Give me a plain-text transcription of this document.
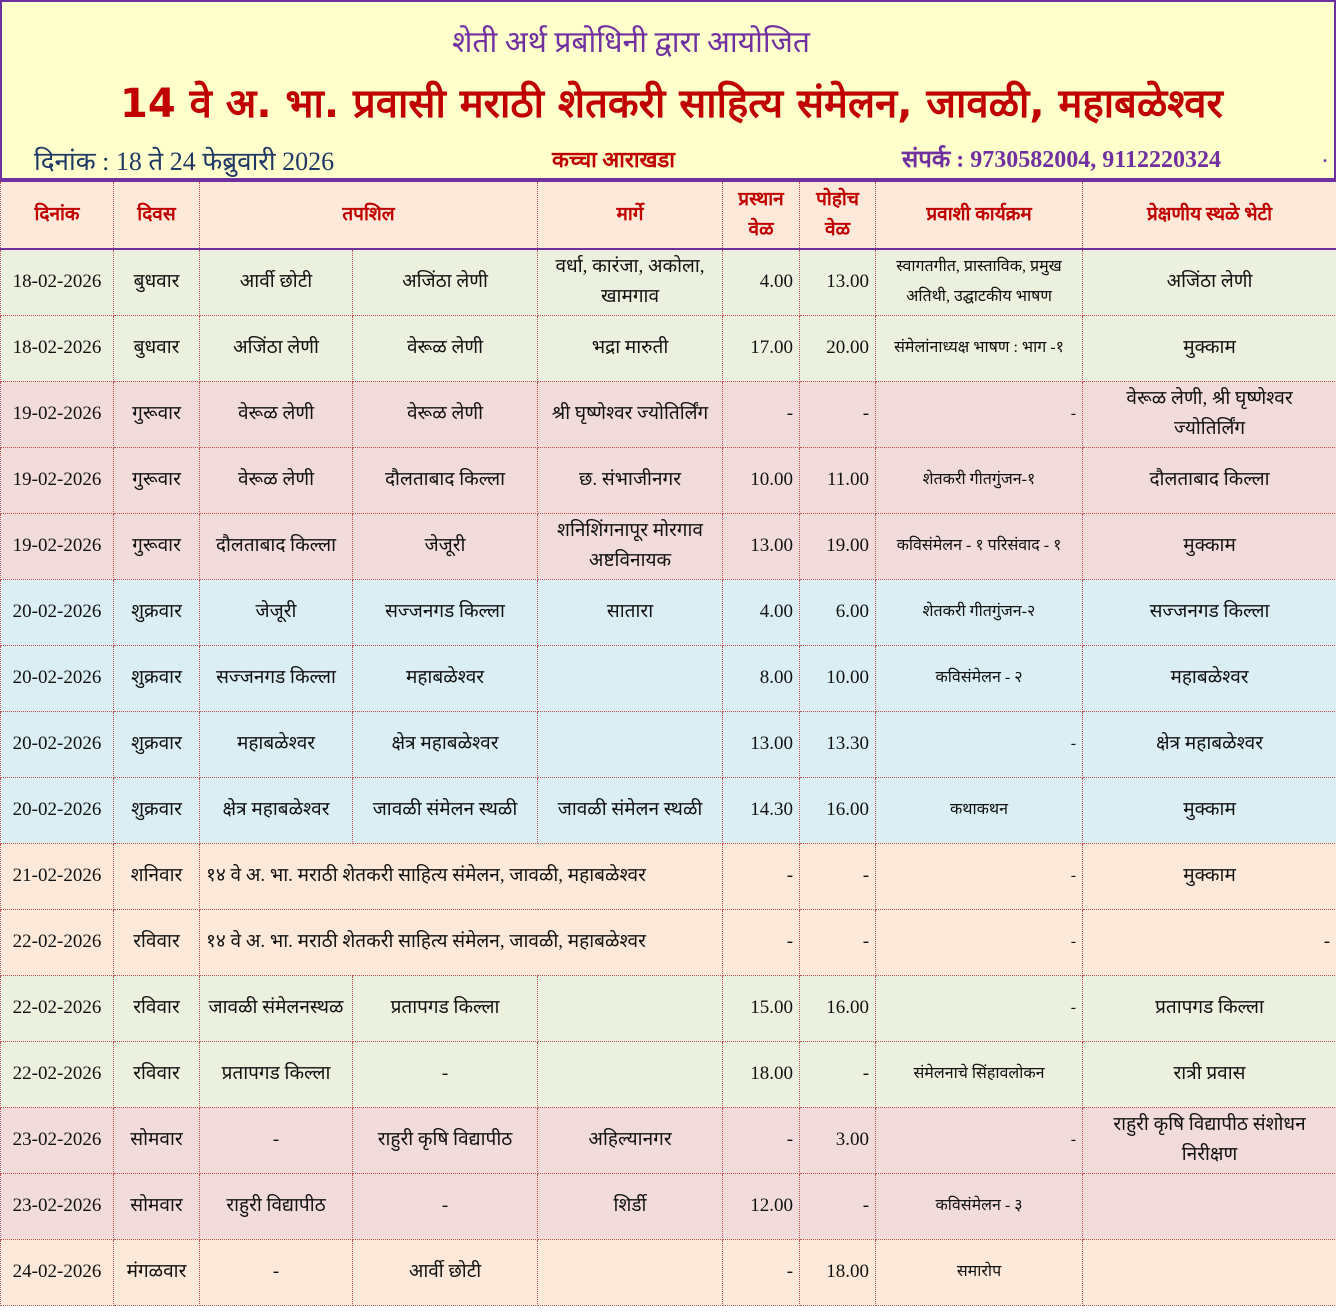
शेती अर्थ प्रबोधिनी द्वारा आयोजित
14 वे अ. भा. प्रवासी मराठी शेतकरी साहित्य संमेलन, जावळी, महाबळेश्वर
दिनांक : 18 ते 24 फेब्रुवारी 2026	कच्चा आराखडा	संपर्क : 9730582004, 9112220324	.
दिनांक	दिवस	तपशिल		मार्गे	प्रस्थान वेळ	पोहोच वेळ	प्रवाशी कार्यक्रम	प्रेक्षणीय स्थळे भेटी
18-02-2026	बुधवार	आर्वी छोटी	अजिंठा लेणी	वर्धा, कारंजा, अकोला, खामगाव	4.00	13.00	स्वागतगीत, प्रास्ताविक, प्रमुख अतिथी, उद्घाटकीय भाषण	अजिंठा लेणी
18-02-2026	बुधवार	अजिंठा लेणी	वेरूळ लेणी	भद्रा मारुती	17.00	20.00	संमेलांनाध्यक्ष भाषण : भाग -१	मुक्काम
19-02-2026	गुरूवार	वेरूळ लेणी	वेरूळ लेणी	श्री घृष्णेश्वर ज्योतिर्लिंग	-	-	-	वेरूळ लेणी, श्री घृष्णेश्वर ज्योतिर्लिंग
19-02-2026	गुरूवार	वेरूळ लेणी	दौलताबाद किल्ला	छ. संभाजीनगर	10.00	11.00	शेतकरी गीतगुंजन-१	दौलताबाद किल्ला
19-02-2026	गुरूवार	दौलताबाद किल्ला	जेजूरी	शनिशिंगनापूर मोरगाव अष्टविनायक	13.00	19.00	कविसंमेलन - १ परिसंवाद - १	मुक्काम
20-02-2026	शुक्रवार	जेजूरी	सज्जनगड किल्ला	सातारा	4.00	6.00	शेतकरी गीतगुंजन-२	सज्जनगड किल्ला
20-02-2026	शुक्रवार	सज्जनगड किल्ला	महाबळेश्वर		8.00	10.00	कविसंमेलन - २	महाबळेश्वर
20-02-2026	शुक्रवार	महाबळेश्वर	क्षेत्र महाबळेश्वर		13.00	13.30	-	क्षेत्र महाबळेश्वर
20-02-2026	शुक्रवार	क्षेत्र महाबळेश्वर	जावळी संमेलन स्थळी	जावळी संमेलन स्थळी	14.30	16.00	कथाकथन	मुक्काम
21-02-2026	शनिवार	१४ वे अ. भा. मराठी शेतकरी साहित्य संमेलन, जावळी, महाबळेश्वर			-	-	-	मुक्काम
22-02-2026	रविवार	१४ वे अ. भा. मराठी शेतकरी साहित्य संमेलन, जावळी, महाबळेश्वर			-	-	-	-
22-02-2026	रविवार	जावळी संमेलनस्थळ	प्रतापगड किल्ला		15.00	16.00	-	प्रतापगड किल्ला
22-02-2026	रविवार	प्रतापगड किल्ला	-		18.00	-	संमेलनाचे सिंहावलोकन	रात्री प्रवास
23-02-2026	सोमवार	-	राहुरी कृषि विद्यापीठ	अहिल्यानगर	-	3.00	-	राहुरी कृषि विद्यापीठ संशोधन निरीक्षण
23-02-2026	सोमवार	राहुरी विद्यापीठ	-	शिर्डी	12.00	-	कविसंमेलन - ३	
24-02-2026	मंगळवार	-	आर्वी छोटी		-	18.00	समारोप	
